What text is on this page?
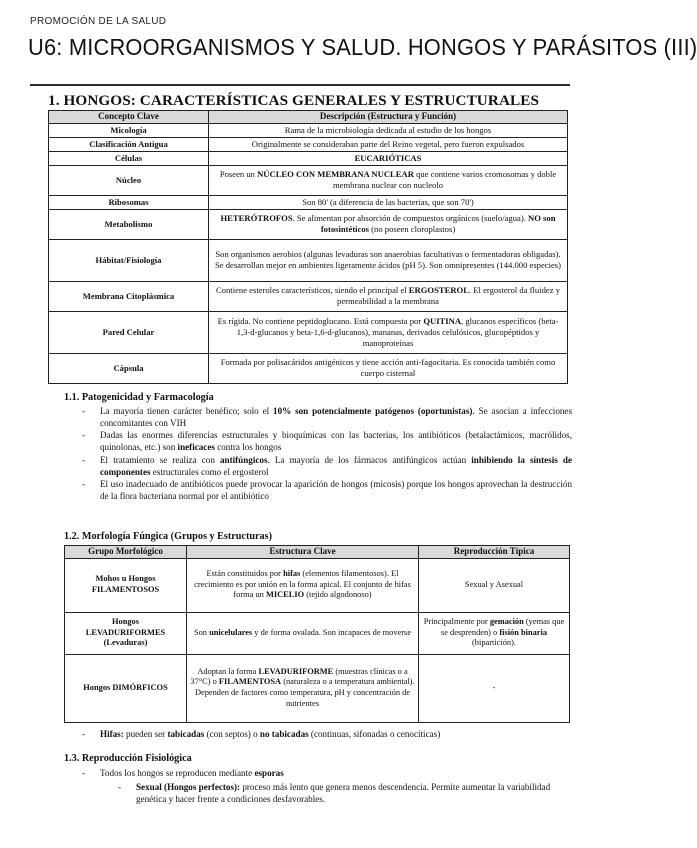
PROMOCIÓN DE LA SALUD
U6: MICROORGANISMOS Y SALUD. HONGOS Y PARÁSITOS (III)
1. HONGOS: CARACTERÍSTICAS GENERALES Y ESTRUCTURALES
Concepto Clave	Descripción (Estructura y Función)
Micología	Rama de la microbiología dedicada al estudio de los hongos
Clasificación Antigua	Originalmente se consideraban parte del Reino vegetal, pero fueron expulsados
Células	EUCARIÓTICAS
Núcleo	Poseen un NÚCLEO CON MEMBRANA NUCLEAR que contiene varios cromosomas y doble membrana nuclear con nucleolo
Ribosomas	Son 80' (a diferencia de las bacterias, que son 70')
Metabolismo	HETERÓTROFOS. Se alimentan por absorción de compuestos orgánicos (suelo/agua). NO son fotosintéticos (no poseen cloroplastos)
Hábitat/Fisiología	Son organismos aerobios (algunas levaduras son anaerobias facultativas o fermentadoras obligadas). Se desarrollan mejor en ambientes ligeramente ácidos (pH 5). Son omnipresentes (144.000 especies)
Membrana Citoplásmica	Contiene esteroles característicos, siendo el principal el ERGOSTEROL. El ergosterol da fluidez y permeabilidad a la membrana
Pared Celular	Es rígida. No contiene peptidoglucano. Está compuesta por QUITINA, glucanos específicos (beta-1,3-d-glucanos y beta-1,6-d-glucanos), mananas, derivados celulósicos, glucopéptidos y manoproteínas
Cápsula	Formada por polisacáridos antigénicos y tiene acción anti-fagocitaria. Es conocida también como cuerpo cisternal
1.1. Patogenicidad y Farmacología
- La mayoría tienen carácter benéfico; solo el 10% son potencialmente patógenos (oportunistas). Se asocian a infecciones concomitantes con VIH
- Dadas las enormes diferencias estructurales y bioquímicas con las bacterias, los antibióticos (betalactámicos, macrólidos, quinolonas, etc.) son ineficaces contra los hongos
- El tratamiento se realiza con antifúngicos. La mayoría de los fármacos antifúngicos actúan inhibiendo la síntesis de componentes estructurales como el ergosterol
- El uso inadecuado de antibióticos puede provocar la aparición de hongos (micosis) porque los hongos aprovechan la destrucción de la flora bacteriana normal por el antibiótico
1.2. Morfología Fúngica (Grupos y Estructuras)
Grupo Morfológico	Estructura Clave	Reproducción Típica
Mohos u Hongos
FILAMENTOSOS	Están constituidos por hifas (elementos filamentosos). El crecimiento es por unión en la forma apical. El conjunto de hifas forma un MICELIO (tejido algodonoso)	Sexual y Asexual
Hongos
LEVADURIFORMES
(Levaduras)	Son unicelulares y de forma ovalada. Son incapaces de moverse	Principalmente por gemación (yemas que se desprenden) o fisión binaria (bipartición).
Hongos DIMÓRFICOS	Adoptan la forma LEVADURIFORME (muestras clínicas o a 37°C) o FILAMENTOSA (naturaleza o a temperatura ambiental). Dependen de factores como temperatura, pH y concentración de nutrientes	-
- Hifas: pueden ser tabicadas (con septos) o no tabicadas (continuas, sifonadas o cenocíticas)
1.3. Reproducción Fisiológica
- Todos los hongos se reproducen mediante esporas
- Sexual (Hongos perfectos): proceso más lento que genera menos descendencia. Permite aumentar la variabilidad genética y hacer frente a condiciones desfavorables.
